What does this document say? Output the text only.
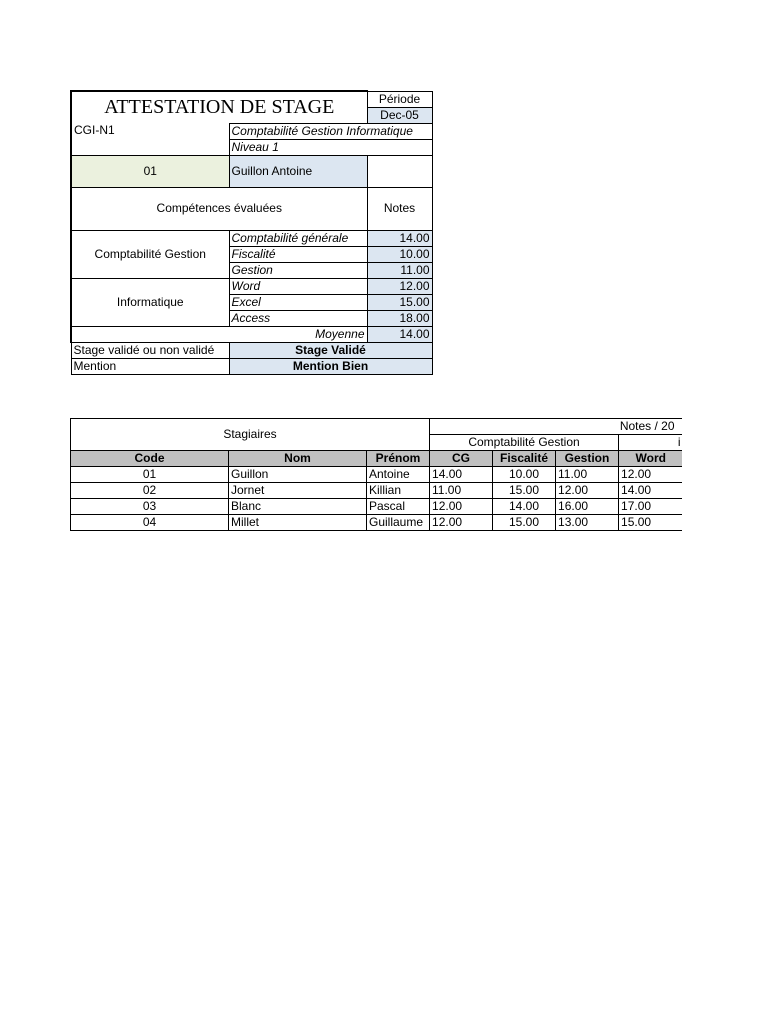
ATTESTATION DE STAGE		Période
		Dec-05
CGI-N1	Comptabilité Gestion Informatique	
	Niveau 1	
01	Guillon Antoine	
Compétences évaluées		Notes
Comptabilité Gestion	Comptabilité générale	14.00
	Fiscalité	10.00
	Gestion	11.00
Informatique	Word	12.00
	Excel	15.00
	Access	18.00
Moyenne		14.00
Stage validé ou non validé	Stage Validé	
Mention	Mention Bien	
Stagiaires			Notes / 20			
			Comptabilité Gestion			i
Code	Nom	Prénom	CG	Fiscalité	Gestion	Word
01	Guillon	Antoine	14.00	10.00	11.00	12.00
02	Jornet	Killian	11.00	15.00	12.00	14.00
03	Blanc	Pascal	12.00	14.00	16.00	17.00
04	Millet	Guillaume	12.00	15.00	13.00	15.00
